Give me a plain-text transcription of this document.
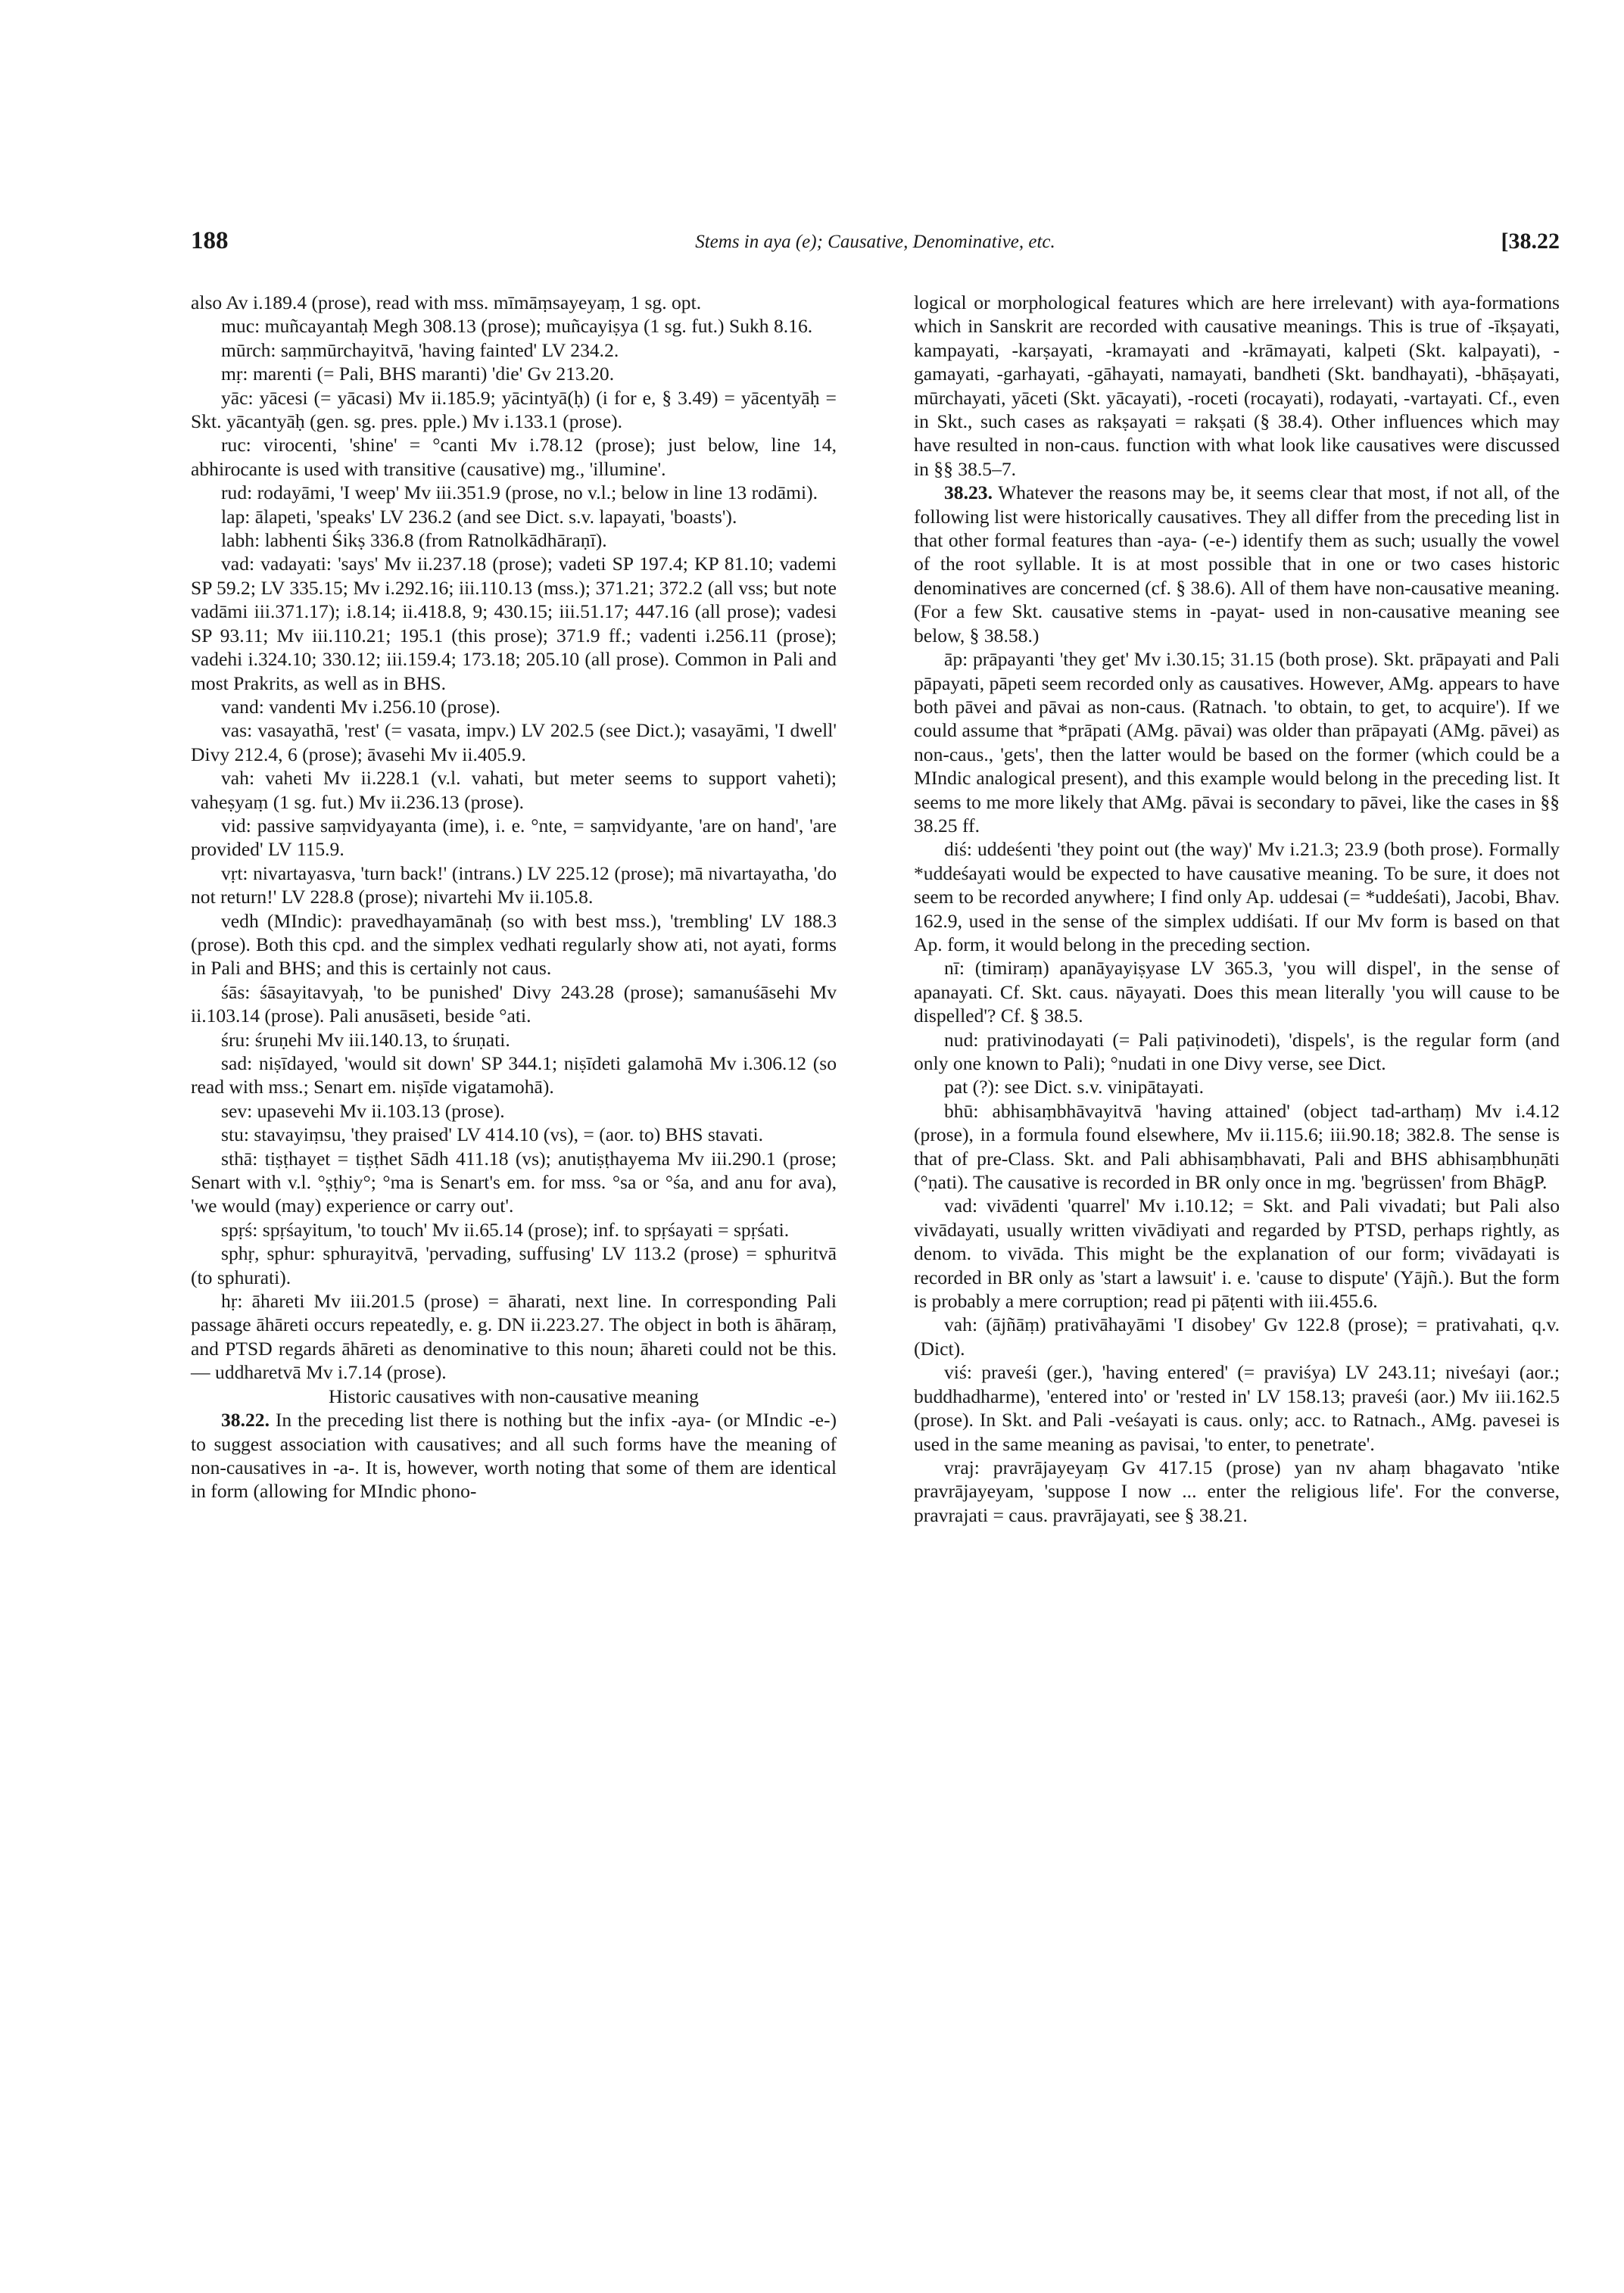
188	Stems in aya (e); Causative, Denominative, etc.	[38.22

also Av i.189.4 (prose), read with mss. mīmāṃsayeyaṃ, 1 sg. opt.

muc: muñcayantaḥ Megh 308.13 (prose); muñcayiṣya (1 sg. fut.) Sukh 8.16.

mūrch: saṃmūrchayitvā, 'having fainted' LV 234.2.

mṛ: marenti (= Pali, BHS maranti) 'die' Gv 213.20.

yāc: yācesi (= yācasi) Mv ii.185.9; yācintyā(ḥ) (i for e, § 3.49) = yācentyāḥ = Skt. yācantyāḥ (gen. sg. pres. pple.) Mv i.133.1 (prose).

ruc: virocenti, 'shine' = °canti Mv i.78.12 (prose); just below, line 14, abhirocante is used with transitive (causative) mg., 'illumine'.

rud: rodayāmi, 'I weep' Mv iii.351.9 (prose, no v.l.; below in line 13 rodāmi).

lap: ālapeti, 'speaks' LV 236.2 (and see Dict. s.v. lapayati, 'boasts').

labh: labhenti Śikṣ 336.8 (from Ratnolkādhāraṇī).

vad: vadayati: 'says' Mv ii.237.18 (prose); vadeti SP 197.4; KP 81.10; vademi SP 59.2; LV 335.15; Mv i.292.16; iii.110.13 (mss.); 371.21; 372.2 (all vss; but note vadāmi iii.371.17); i.8.14; ii.418.8, 9; 430.15; iii.51.17; 447.16 (all prose); vadesi SP 93.11; Mv iii.110.21; 195.1 (this prose); 371.9 ff.; vadenti i.256.11 (prose); vadehi i.324.10; 330.12; iii.159.4; 173.18; 205.10 (all prose). Common in Pali and most Prakrits, as well as in BHS.

vand: vandenti Mv i.256.10 (prose).

vas: vasayathā, 'rest' (= vasata, impv.) LV 202.5 (see Dict.); vasayāmi, 'I dwell' Divy 212.4, 6 (prose); āvasehi Mv ii.405.9.

vah: vaheti Mv ii.228.1 (v.l. vahati, but meter seems to support vaheti); vaheṣyaṃ (1 sg. fut.) Mv ii.236.13 (prose).

vid: passive saṃvidyayanta (ime), i. e. °nte, = saṃvidyante, 'are on hand', 'are provided' LV 115.9.

vṛt: nivartayasva, 'turn back!' (intrans.) LV 225.12 (prose); mā nivartayatha, 'do not return!' LV 228.8 (prose); nivartehi Mv ii.105.8.

vedh (MIndic): pravedhayamānaḥ (so with best mss.), 'trembling' LV 188.3 (prose). Both this cpd. and the simplex vedhati regularly show ati, not ayati, forms in Pali and BHS; and this is certainly not caus.

śās: śāsayitavyaḥ, 'to be punished' Divy 243.28 (prose); samanuśāsehi Mv ii.103.14 (prose). Pali anusāseti, beside °ati.

śru: śruṇehi Mv iii.140.13, to śruṇati.

sad: niṣīdayed, 'would sit down' SP 344.1; niṣīdeti galamohā Mv i.306.12 (so read with mss.; Senart em. niṣīde vigatamohā).

sev: upasevehi Mv ii.103.13 (prose).

stu: stavayiṃsu, 'they praised' LV 414.10 (vs), = (aor. to) BHS stavati.

sthā: tiṣṭhayet = tiṣṭhet Sādh 411.18 (vs); anutiṣṭhayema Mv iii.290.1 (prose; Senart with v.l. °ṣṭhiy°; °ma is Senart's em. for mss. °sa or °śa, and anu for ava), 'we would (may) experience or carry out'.

spṛś: spṛśayitum, 'to touch' Mv ii.65.14 (prose); inf. to spṛśayati = spṛśati.

sphṛ, sphur: sphurayitvā, 'pervading, suffusing' LV 113.2 (prose) = sphuritvā (to sphurati).

hṛ: āhareti Mv iii.201.5 (prose) = āharati, next line. In corresponding Pali passage āhāreti occurs repeatedly, e. g. DN ii.223.27. The object in both is āhāraṃ, and PTSD regards āhāreti as denominative to this noun; āhareti could not be this. — uddharetvā Mv i.7.14 (prose).

Historic causatives with non-causative meaning

38.22. In the preceding list there is nothing but the infix -aya- (or MIndic -e-) to suggest association with causatives; and all such forms have the meaning of non-causatives in -a-. It is, however, worth noting that some of them are identical in form (allowing for MIndic phono-

logical or morphological features which are here irrelevant) with aya-formations which in Sanskrit are recorded with causative meanings. This is true of -īkṣayati, kampayati, -karṣayati, -kramayati and -krāmayati, kalpeti (Skt. kalpayati), -gamayati, -garhayati, -gāhayati, namayati, bandheti (Skt. bandhayati), -bhāṣayati, mūrchayati, yāceti (Skt. yācayati), -roceti (rocayati), rodayati, -vartayati. Cf., even in Skt., such cases as rakṣayati = rakṣati (§ 38.4). Other influences which may have resulted in non-caus. function with what look like causatives were discussed in §§ 38.5–7.

38.23. Whatever the reasons may be, it seems clear that most, if not all, of the following list were historically causatives. They all differ from the preceding list in that other formal features than -aya- (-e-) identify them as such; usually the vowel of the root syllable. It is at most possible that in one or two cases historic denominatives are concerned (cf. § 38.6). All of them have non-causative meaning. (For a few Skt. causative stems in -payat- used in non-causative meaning see below, § 38.58.)

āp: prāpayanti 'they get' Mv i.30.15; 31.15 (both prose). Skt. prāpayati and Pali pāpayati, pāpeti seem recorded only as causatives. However, AMg. appears to have both pāvei and pāvai as non-caus. (Ratnach. 'to obtain, to get, to acquire'). If we could assume that *prāpati (AMg. pāvai) was older than prāpayati (AMg. pāvei) as non-caus., 'gets', then the latter would be based on the former (which could be a MIndic analogical present), and this example would belong in the preceding list. It seems to me more likely that AMg. pāvai is secondary to pāvei, like the cases in §§ 38.25 ff.

diś: uddeśenti 'they point out (the way)' Mv i.21.3; 23.9 (both prose). Formally *uddeśayati would be expected to have causative meaning. To be sure, it does not seem to be recorded anywhere; I find only Ap. uddesai (= *uddeśati), Jacobi, Bhav. 162.9, used in the sense of the simplex uddiśati. If our Mv form is based on that Ap. form, it would belong in the preceding section.

nī: (timiraṃ) apanāyayiṣyase LV 365.3, 'you will dispel', in the sense of apanayati. Cf. Skt. caus. nāyayati. Does this mean literally 'you will cause to be dispelled'? Cf. § 38.5.

nud: prativinodayati (= Pali paṭivinodeti), 'dispels', is the regular form (and only one known to Pali); °nudati in one Divy verse, see Dict.

pat (?): see Dict. s.v. vinipātayati.

bhū: abhisaṃbhāvayitvā 'having attained' (object tad-arthaṃ) Mv i.4.12 (prose), in a formula found elsewhere, Mv ii.115.6; iii.90.18; 382.8. The sense is that of pre-Class. Skt. and Pali abhisaṃbhavati, Pali and BHS abhisaṃbhuṇāti (°ṇati). The causative is recorded in BR only once in mg. 'begrüssen' from BhāgP.

vad: vivādenti 'quarrel' Mv i.10.12; = Skt. and Pali vivadati; but Pali also vivādayati, usually written vivādiyati and regarded by PTSD, perhaps rightly, as denom. to vivāda. This might be the explanation of our form; vivādayati is recorded in BR only as 'start a lawsuit' i. e. 'cause to dispute' (Yājñ.). But the form is probably a mere corruption; read pi pāṭenti with iii.455.6.

vah: (ājñāṃ) prativāhayāmi 'I disobey' Gv 122.8 (prose); = prativahati, q.v. (Dict).

viś: praveśi (ger.), 'having entered' (= praviśya) LV 243.11; niveśayi (aor.; buddhadharme), 'entered into' or 'rested in' LV 158.13; praveśi (aor.) Mv iii.162.5 (prose). In Skt. and Pali -veśayati is caus. only; acc. to Ratnach., AMg. pavesei is used in the same meaning as pavisai, 'to enter, to penetrate'.

vraj: pravrājayeyaṃ Gv 417.15 (prose) yan nv ahaṃ bhagavato 'ntike pravrājayeyam, 'suppose I now ... enter the religious life'. For the converse, pravrajati = caus. pravrājayati, see § 38.21.
